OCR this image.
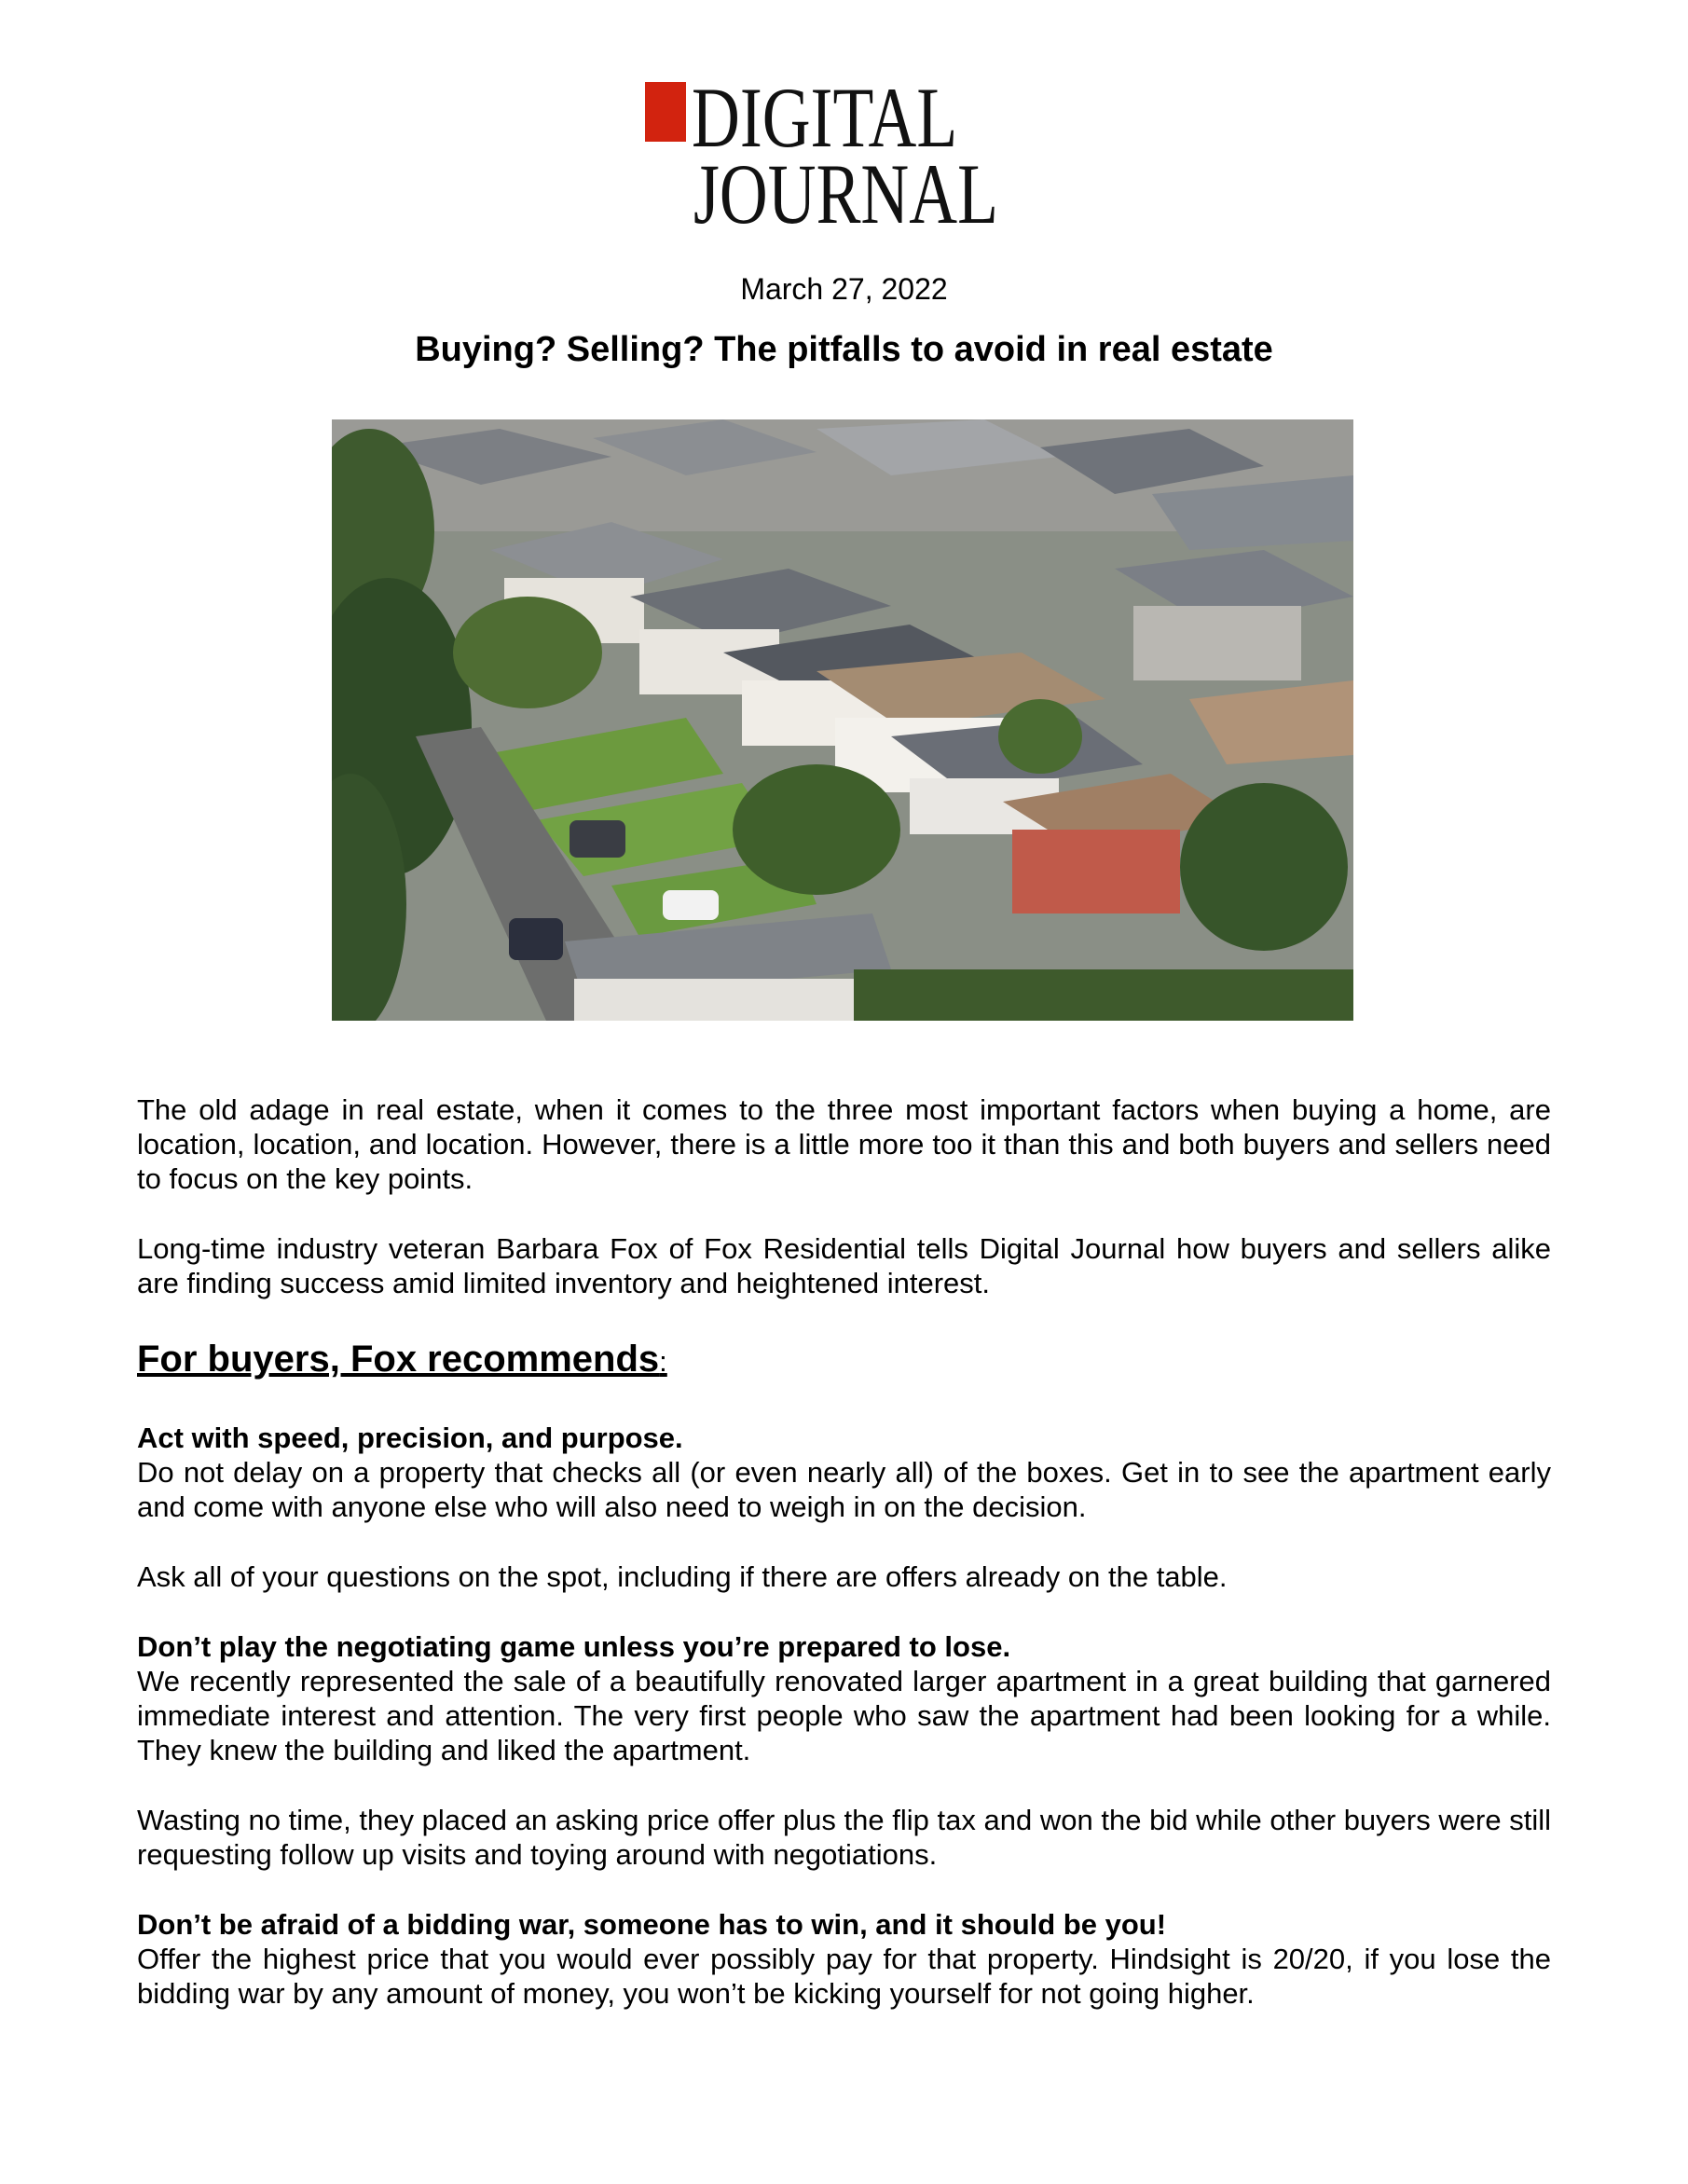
DIGITAL
JOURNAL
March 27, 2022
Buying? Selling? The pitfalls to avoid in real estate

The old adage in real estate, when it comes to the three most important factors when buying a home, are location, location, and location. However, there is a little more too it than this and both buyers and sellers need to focus on the key points.

Long-time industry veteran Barbara Fox of Fox Residential tells Digital Journal how buyers and sellers alike are finding success amid limited inventory and heightened interest.

For buyers, Fox recommends:
Act with speed, precision, and purpose.

Do not delay on a property that checks all (or even nearly all) of the boxes. Get in to see the apartment early and come with anyone else who will also need to weigh in on the decision.

Ask all of your questions on the spot, including if there are offers already on the table.

Don’t play the negotiating game unless you’re prepared to lose.

We recently represented the sale of a beautifully renovated larger apartment in a great building that garnered immediate interest and attention. The very first people who saw the apartment had been looking for a while. They knew the building and liked the apartment.

Wasting no time, they placed an asking price offer plus the flip tax and won the bid while other buyers were still requesting follow up visits and toying around with negotiations.

Don’t be afraid of a bidding war, someone has to win, and it should be you!

Offer the highest price that you would ever possibly pay for that property. Hindsight is 20/20, if you lose the bidding war by any amount of money, you won’t be kicking yourself for not going higher.
